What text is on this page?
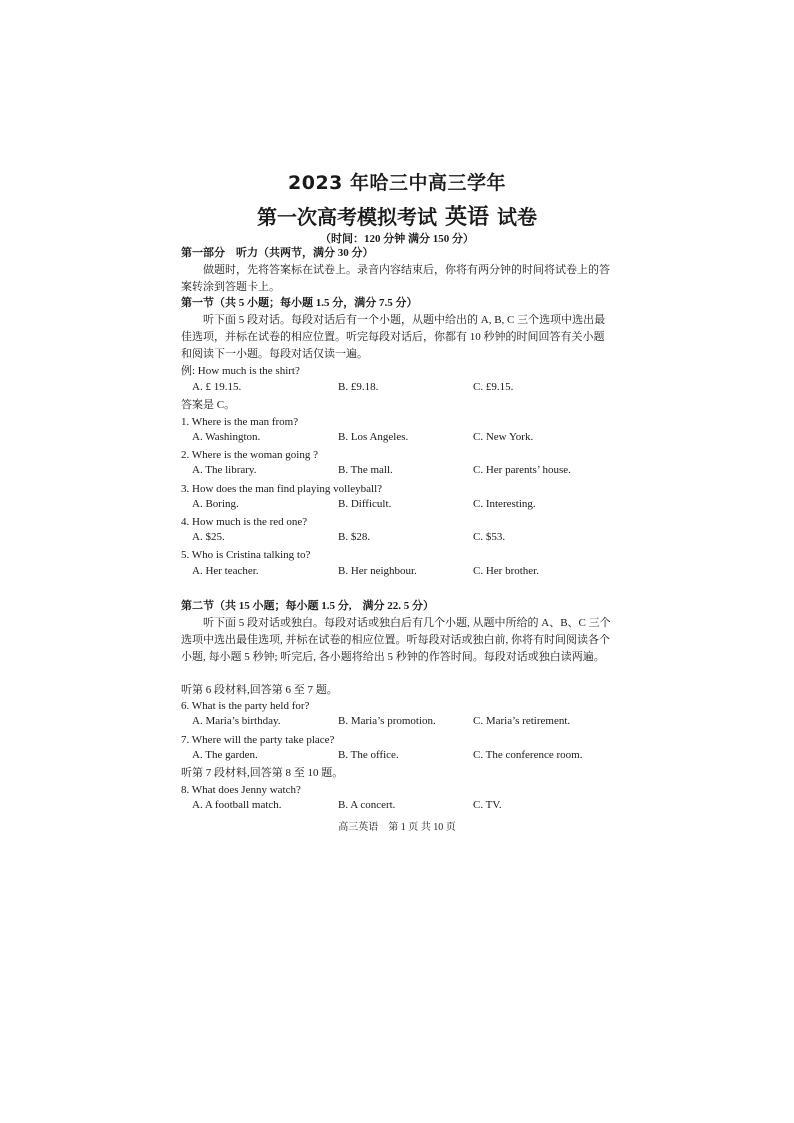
2023 年哈三中高三学年
第一次高考模拟考试 英语 试卷
（时间：120 分钟 满分 150 分）
第一部分　听力（共两节，满分 30 分）
做题时，先将答案标在试卷上。录音内容结束后，你将有两分钟的时间将试卷上的答案转涂到答题卡上。
第一节（共 5 小题；每小题 1.5 分，满分 7.5 分）
听下面 5 段对话。每段对话后有一个小题，从题中给出的 A, B, C 三个选项中选出最佳选项，并标在试卷的相应位置。听完每段对话后，你都有 10 秒钟的时间回答有关小题和阅读下一小题。每段对话仅读一遍。
例: How much is the shirt?
A. £ 19.15.	B. £9.18.	C. £9.15.
答案是 C。
1. Where is the man from?
A. Washington.	B. Los Angeles.	C. New York.
2. Where is the woman going ?
A. The library.	B. The mall.	C. Her parents’ house.
3. How does the man find playing volleyball?
A. Boring.	B. Difficult.	C. Interesting.
4. How much is the red one?
A. $25.	B. $28.	C. $53.
5. Who is Cristina talking to?
A. Her teacher.	B. Her neighbour.	C. Her brother.
第二节（共 15 小题；每小题 1.5 分,　满分 22. 5 分）
听下面 5 段对话或独白。每段对话或独白后有几个小题, 从题中所给的 A、B、C 三个选项中选出最佳选项, 并标在试卷的相应位置。听每段对话或独白前, 你将有时间阅读各个小题, 每小题 5 秒钟; 听完后, 各小题将给出 5 秒钟的作答时间。每段对话或独白读两遍。
听第 6 段材料,回答第 6 至 7 题。
6. What is the party held for?
A. Maria’s birthday.	B. Maria’s promotion.	C. Maria’s retirement.
7. Where will the party take place?
A. The garden.	B. The office.	C. The conference room.
听第 7 段材料,回答第 8 至 10 题。
8. What does Jenny watch?
A. A football match.	B. A concert.	C. TV.
高三英语　第 1 页 共 10 页
